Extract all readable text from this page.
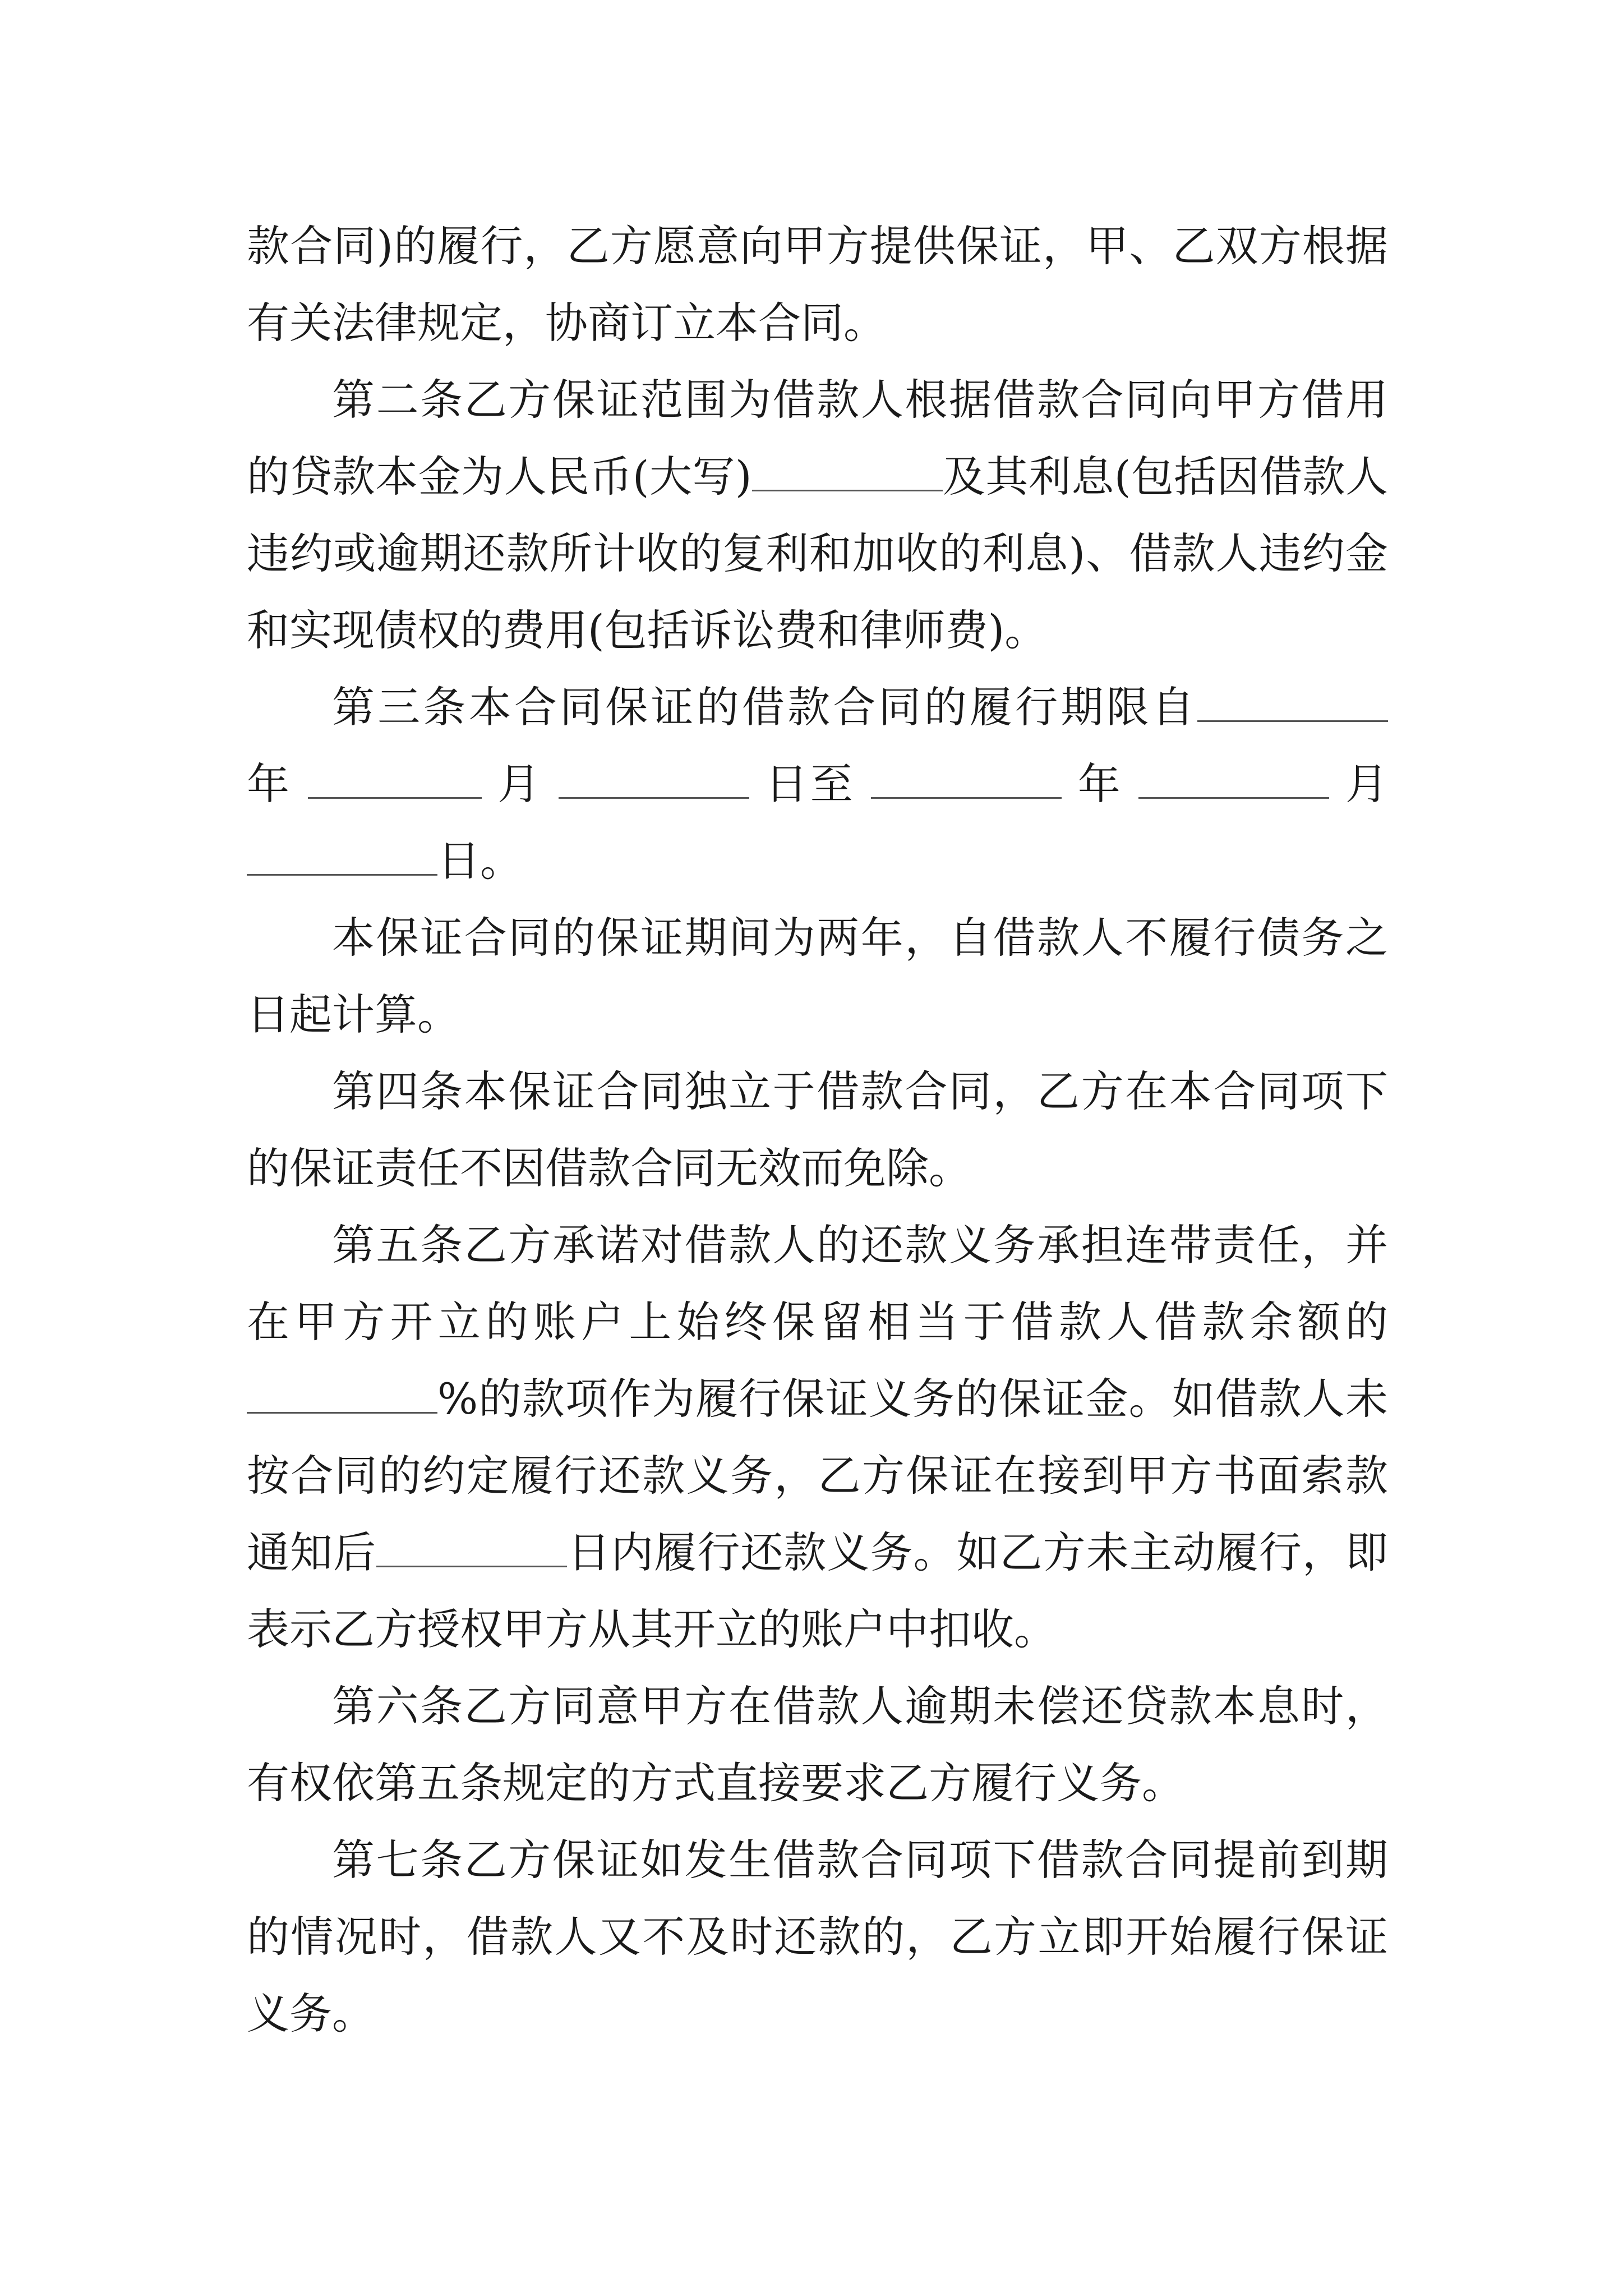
款合同)的履行，乙方愿意向甲方提供保证，甲、乙双方根据有关法律规定，协商订立本合同。

第二条乙方保证范围为借款人根据借款合同向甲方借用的贷款本金为人民币(大写)	及其利息(包括因借款人违约或逾期还款所计收的复利和加收的利息)、借款人违约金和实现债权的费用(包括诉讼费和律师费)。

第三条本合同保证的借款合同的履行期限自 年	月	日至	年	月 日。

本保证合同的保证期间为两年，自借款人不履行债务之日起计算。

第四条本保证合同独立于借款合同，乙方在本合同项下的保证责任不因借款合同无效而免除。

第五条乙方承诺对借款人的还款义务承担连带责任，并在甲方开立的账户上始终保留相当于借款人借款余额的%的款项作为履行保证义务的保证金。如借款人未按合同的约定履行还款义务，乙方保证在接到甲方书面索款通知后	日内履行还款义务。如乙方未主动履行，即表示乙方授权甲方从其开立的账户中扣收。

第六条乙方同意甲方在借款人逾期未偿还贷款本息时，有权依第五条规定的方式直接要求乙方履行义务。

第七条乙方保证如发生借款合同项下借款合同提前到期的情况时，借款人又不及时还款的，乙方立即开始履行保证义务。
